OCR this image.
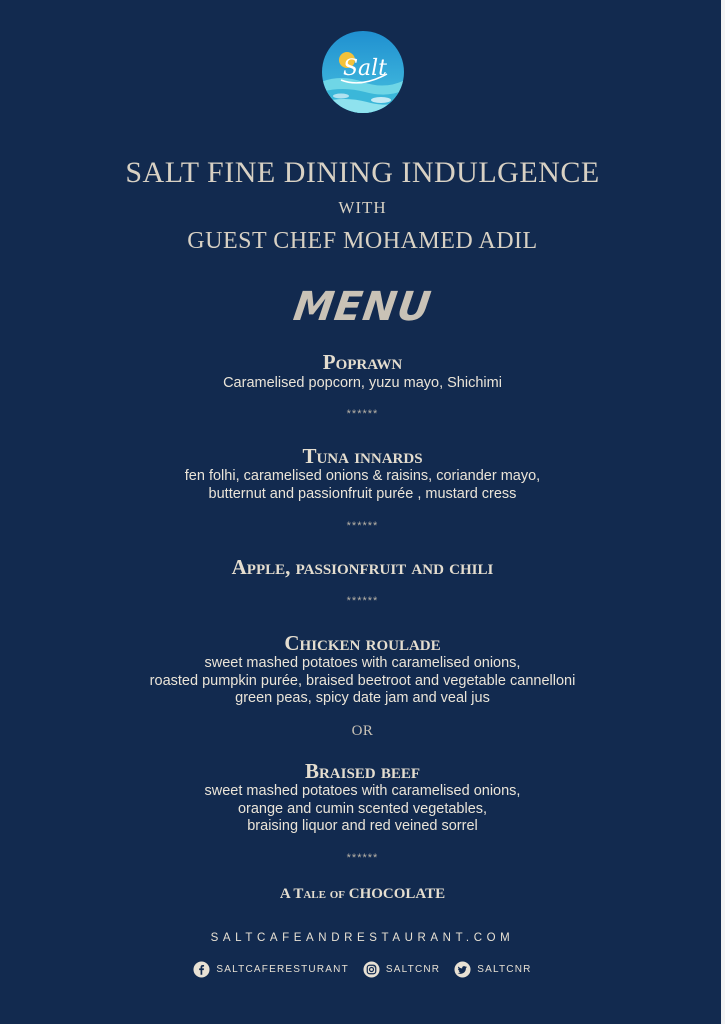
Salt
SALT FINE DINING INDULGENCE
WITH
GUEST CHEF MOHAMED ADIL
MENU
Poprawn
Caramelised popcorn, yuzu mayo, Shichimi
******
Tuna innards
fen folhi, caramelised onions & raisins, coriander mayo,
butternut and passionfruit purée , mustard cress
******
Apple, passionfruit and chili
******
Chicken roulade
sweet mashed potatoes with caramelised onions,
roasted pumpkin purée, braised beetroot and vegetable cannelloni
green peas, spicy date jam and veal jus
OR
Braised beef
sweet mashed potatoes with caramelised onions,
orange and cumin scented vegetables,
braising liquor and red veined sorrel
******
A Tale of CHOCOLATE
SALTCAFEANDRESTAURANT.COM
SALTCAFERESTURANT	SALTCNR	SALTCNR
